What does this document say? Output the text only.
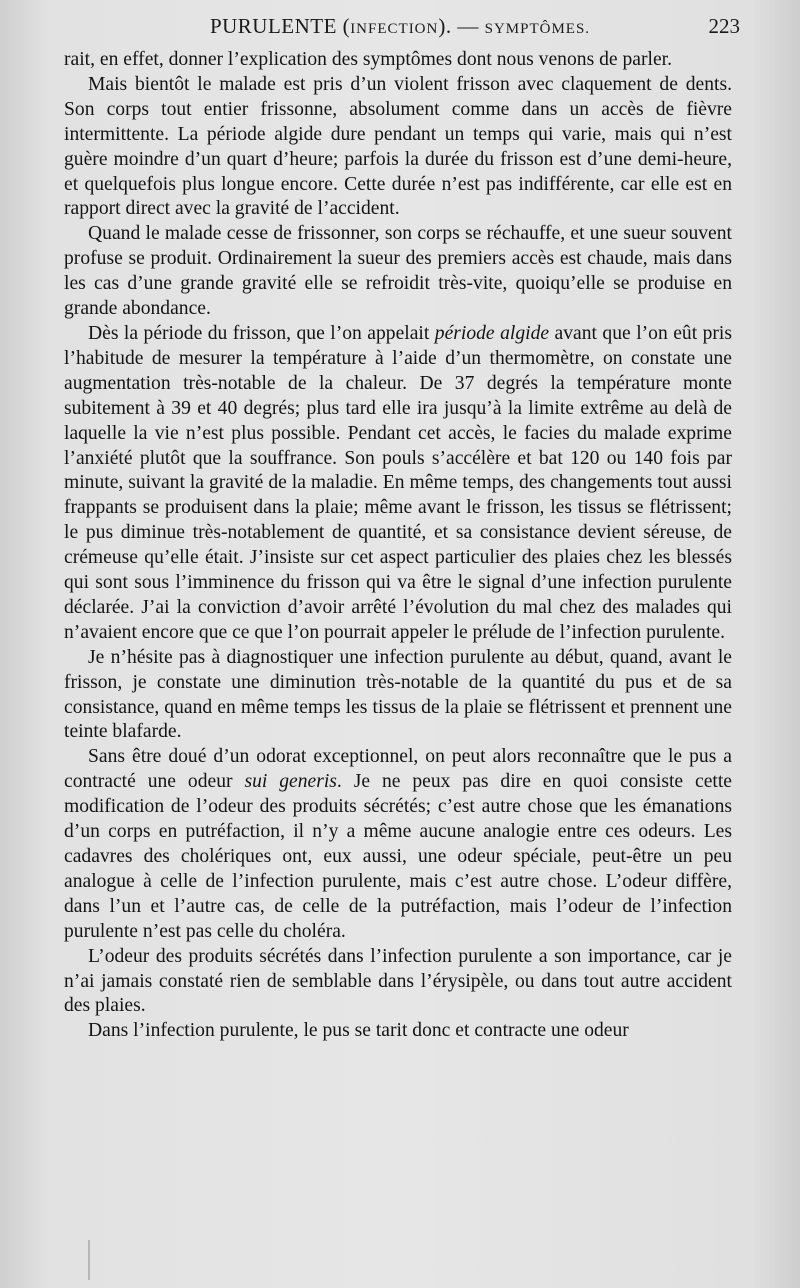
PURULENTE (INFECTION). — SYMPTÔMES.	223

rait, en effet, donner l’explication des symptômes dont nous venons de parler.

Mais bientôt le malade est pris d’un violent frisson avec claquement de dents. Son corps tout entier frissonne, absolument comme dans un accès de fièvre intermittente. La période algide dure pendant un temps qui varie, mais qui n’est guère moindre d’un quart d’heure; parfois la durée du frisson est d’une demi-heure, et quelquefois plus longue encore. Cette durée n’est pas indifférente, car elle est en rapport direct avec la gravité de l’accident.

Quand le malade cesse de frissonner, son corps se réchauffe, et une sueur souvent profuse se produit. Ordinairement la sueur des premiers accès est chaude, mais dans les cas d’une grande gravité elle se refroidit très-vite, quoiqu’elle se produise en grande abondance.

Dès la période du frisson, que l’on appelait période algide avant que l’on eût pris l’habitude de mesurer la température à l’aide d’un thermomètre, on constate une augmentation très-notable de la chaleur. De 37 degrés la température monte subitement à 39 et 40 degrés; plus tard elle ira jusqu’à la limite extrême au delà de laquelle la vie n’est plus possible. Pendant cet accès, le facies du malade exprime l’anxiété plutôt que la souffrance. Son pouls s’accélère et bat 120 ou 140 fois par minute, suivant la gravité de la maladie. En même temps, des changements tout aussi frappants se produisent dans la plaie; même avant le frisson, les tissus se flétrissent; le pus diminue très-notablement de quantité, et sa consistance devient séreuse, de crémeuse qu’elle était. J’insiste sur cet aspect particulier des plaies chez les blessés qui sont sous l’imminence du frisson qui va être le signal d’une infection purulente déclarée. J’ai la conviction d’avoir arrêté l’évolution du mal chez des malades qui n’avaient encore que ce que l’on pourrait appeler le prélude de l’infection purulente.

Je n’hésite pas à diagnostiquer une infection purulente au début, quand, avant le frisson, je constate une diminution très-notable de la quantité du pus et de sa consistance, quand en même temps les tissus de la plaie se flétrissent et prennent une teinte blafarde.

Sans être doué d’un odorat exceptionnel, on peut alors reconnaître que le pus a contracté une odeur sui generis. Je ne peux pas dire en quoi consiste cette modification de l’odeur des produits sécrétés; c’est autre chose que les émanations d’un corps en putréfaction, il n’y a même aucune analogie entre ces odeurs. Les cadavres des cholériques ont, eux aussi, une odeur spéciale, peut-être un peu analogue à celle de l’infection purulente, mais c’est autre chose. L’odeur diffère, dans l’un et l’autre cas, de celle de la putréfaction, mais l’odeur de l’infection purulente n’est pas celle du choléra.

L’odeur des produits sécrétés dans l’infection purulente a son importance, car je n’ai jamais constaté rien de semblable dans l’érysipèle, ou dans tout autre accident des plaies.

Dans l’infection purulente, le pus se tarit donc et contracte une odeur
